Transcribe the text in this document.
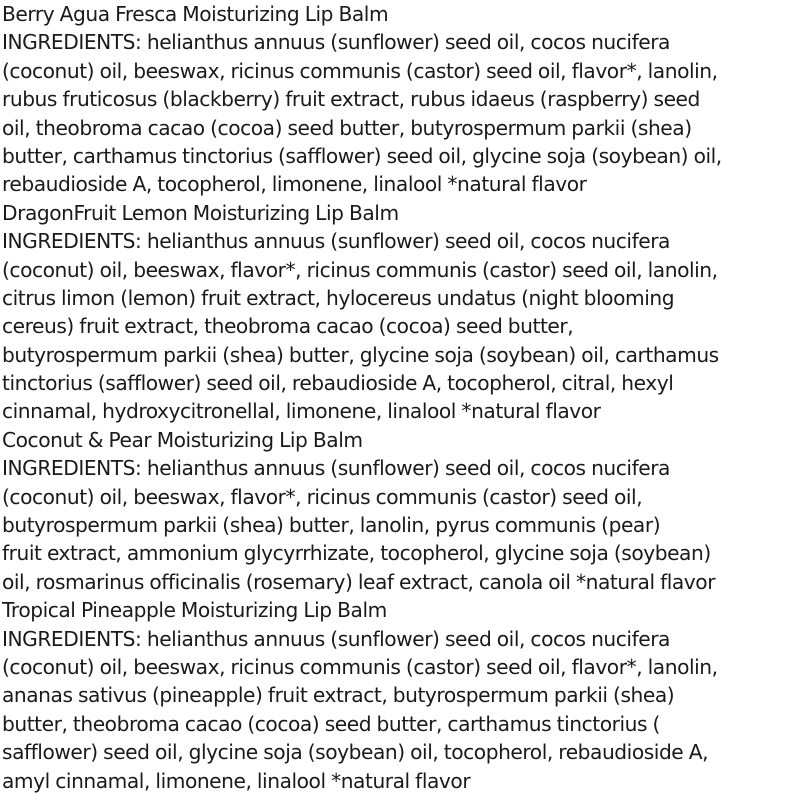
Berry Agua Fresca Moisturizing Lip Balm
INGREDIENTS: helianthus annuus (sunflower) seed oil, cocos nucifera
(coconut) oil, beeswax, ricinus communis (castor) seed oil, flavor*, lanolin,
rubus fruticosus (blackberry) fruit extract, rubus idaeus (raspberry) seed
oil, theobroma cacao (cocoa) seed butter, butyrospermum parkii (shea)
butter, carthamus tinctorius (safflower) seed oil, glycine soja (soybean) oil,
rebaudioside A, tocopherol, limonene, linalool *natural flavor
DragonFruit Lemon Moisturizing Lip Balm
INGREDIENTS: helianthus annuus (sunflower) seed oil, cocos nucifera
(coconut) oil, beeswax, flavor*, ricinus communis (castor) seed oil, lanolin,
citrus limon (lemon) fruit extract, hylocereus undatus (night blooming
cereus) fruit extract, theobroma cacao (cocoa) seed butter,
butyrospermum parkii (shea) butter, glycine soja (soybean) oil, carthamus
tinctorius (safflower) seed oil, rebaudioside A, tocopherol, citral, hexyl
cinnamal, hydroxycitronellal, limonene, linalool *natural flavor
Coconut & Pear Moisturizing Lip Balm
INGREDIENTS: helianthus annuus (sunflower) seed oil, cocos nucifera
(coconut) oil, beeswax, flavor*, ricinus communis (castor) seed oil,
butyrospermum parkii (shea) butter, lanolin, pyrus communis (pear)
fruit extract, ammonium glycyrrhizate, tocopherol, glycine soja (soybean)
oil, rosmarinus officinalis (rosemary) leaf extract, canola oil *natural flavor
Tropical Pineapple Moisturizing Lip Balm
INGREDIENTS: helianthus annuus (sunflower) seed oil, cocos nucifera
(coconut) oil, beeswax, ricinus communis (castor) seed oil, flavor*, lanolin,
ananas sativus (pineapple) fruit extract, butyrospermum parkii (shea)
butter, theobroma cacao (cocoa) seed butter, carthamus tinctorius (
safflower) seed oil, glycine soja (soybean) oil, tocopherol, rebaudioside A,
amyl cinnamal, limonene, linalool *natural flavor
